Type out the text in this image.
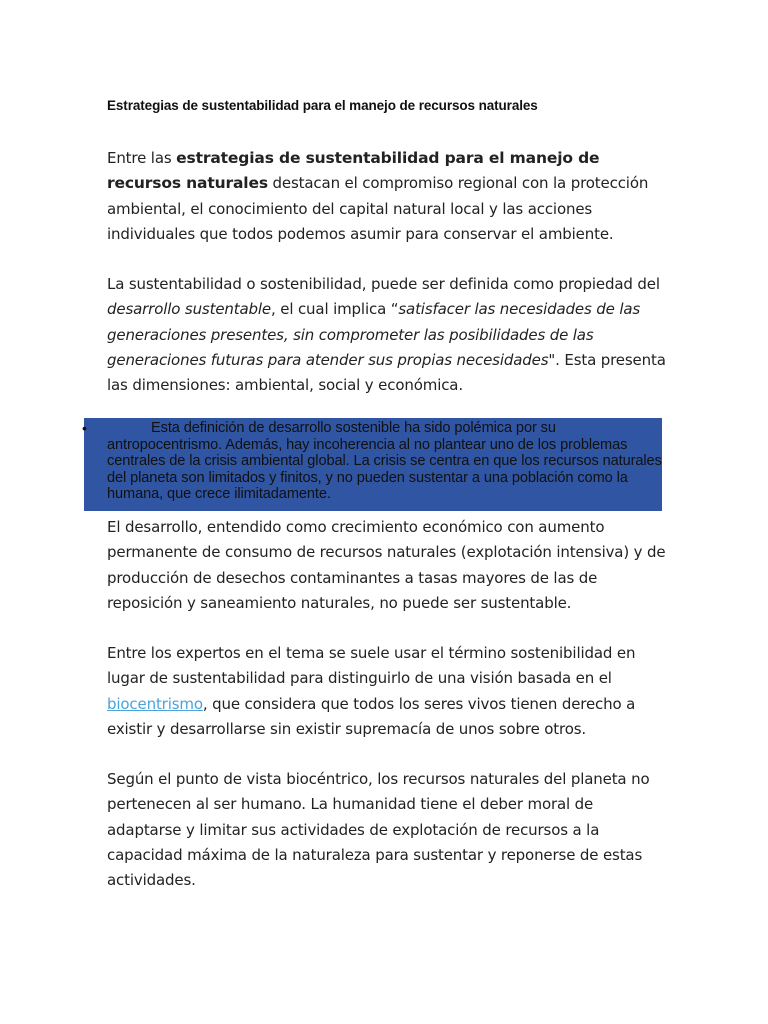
Estrategias de sustentabilidad para el manejo de recursos naturales
Entre las estrategias de sustentabilidad para el manejo de recursos naturales destacan el compromiso regional con la protección ambiental, el conocimiento del capital natural local y las acciones individuales que todos podemos asumir para conservar el ambiente.
La sustentabilidad o sostenibilidad, puede ser definida como propiedad del desarrollo sustentable, el cual implica “satisfacer las necesidades de las generaciones presentes, sin comprometer las posibilidades de las generaciones futuras para atender sus propias necesidades". Esta presenta las dimensiones: ambiental, social y económica.
•	Esta definición de desarrollo sostenible ha sido polémica por su antropocentrismo. Además, hay incoherencia al no plantear uno de los problemas centrales de la crisis ambiental global. La crisis se centra en que los recursos naturales del planeta son limitados y finitos, y no pueden sustentar a una población como la humana, que crece ilimitadamente.
El desarrollo, entendido como crecimiento económico con aumento permanente de consumo de recursos naturales (explotación intensiva) y de producción de desechos contaminantes a tasas mayores de las de reposición y saneamiento naturales, no puede ser sustentable.
Entre los expertos en el tema se suele usar el término sostenibilidad en lugar de sustentabilidad para distinguirlo de una visión basada en el biocentrismo, que considera que todos los seres vivos tienen derecho a existir y desarrollarse sin existir supremacía de unos sobre otros.
Según el punto de vista biocéntrico, los recursos naturales del planeta no pertenecen al ser humano. La humanidad tiene el deber moral de adaptarse y limitar sus actividades de explotación de recursos a la capacidad máxima de la naturaleza para sustentar y reponerse de estas actividades.
